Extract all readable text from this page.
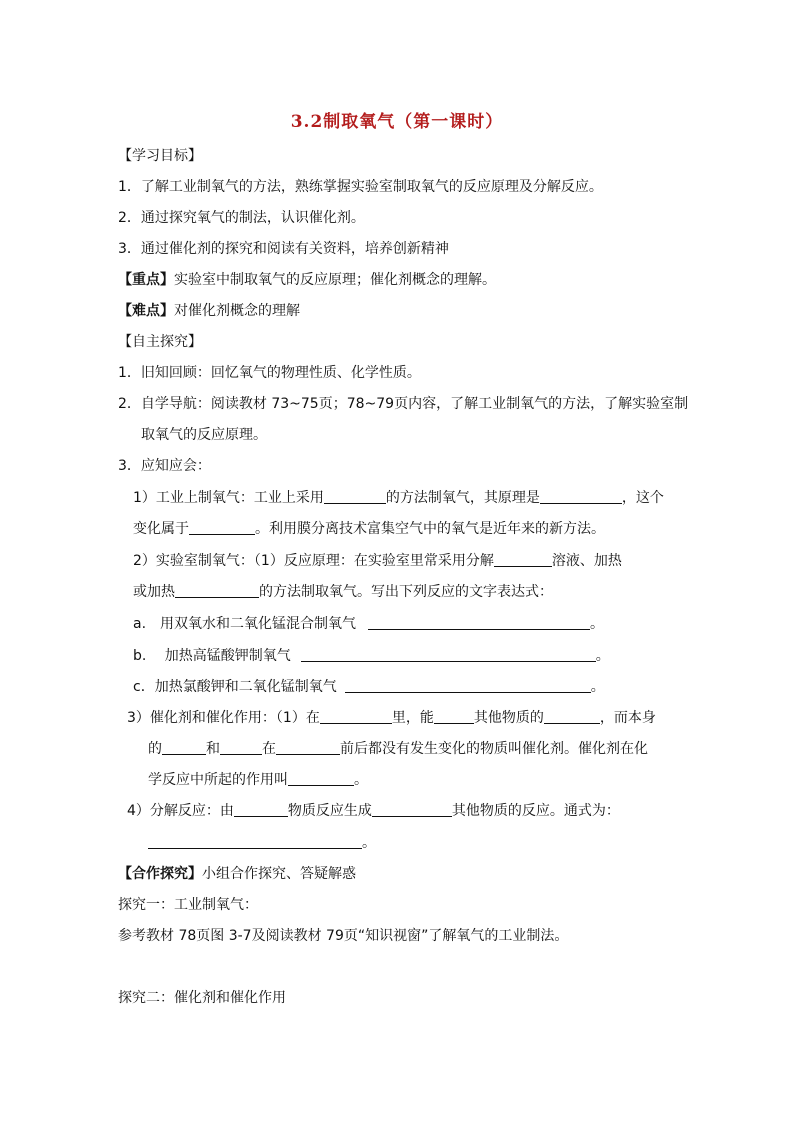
3.2制取氧气（第一课时）
【学习目标】
1．了解工业制氧气的方法，熟练掌握实验室制取氧气的反应原理及分解反应。
2．通过探究氧气的制法，认识催化剂。
3．通过催化剂的探究和阅读有关资料，培养创新精神
【重点】实验室中制取氧气的反应原理；催化剂概念的理解。
【难点】对催化剂概念的理解
【自主探究】
1．旧知回顾：回忆氧气的物理性质、化学性质。
2．自学导航：阅读教材 73~75页；78~79页内容，了解工业制氧气的方法，了解实验室制
取氧气的反应原理。
3．应知应会：
1）工业上制氧气：工业上采用	的方法制氧气，其原理是	，这个
变化属于	。利用膜分离技术富集空气中的氧气是近年来的新方法。
2）实验室制氧气：（1）反应原理：在实验室里常采用分解	溶液、加热
或加热	的方法制取氧气。写出下列反应的文字表达式：
a.　用双氧水和二氧化锰混合制氧气	。
b.　 加热高锰酸钾制氧气	。
c．加热氯酸钾和二氧化锰制氧气	。
3）催化剂和催化作用：（1）在	里，能	其他物质的	，而本身
的	和	在	前后都没有发生变化的物质叫催化剂。催化剂在化
学反应中所起的作用叫	。
4）分解反应：由	物质反应生成	其他物质的反应。通式为：
。
【合作探究】小组合作探究、答疑解惑
探究一：工业制氧气：
参考教材 78页图 3-7及阅读教材 79页“知识视窗”了解氧气的工业制法。
探究二：催化剂和催化作用
